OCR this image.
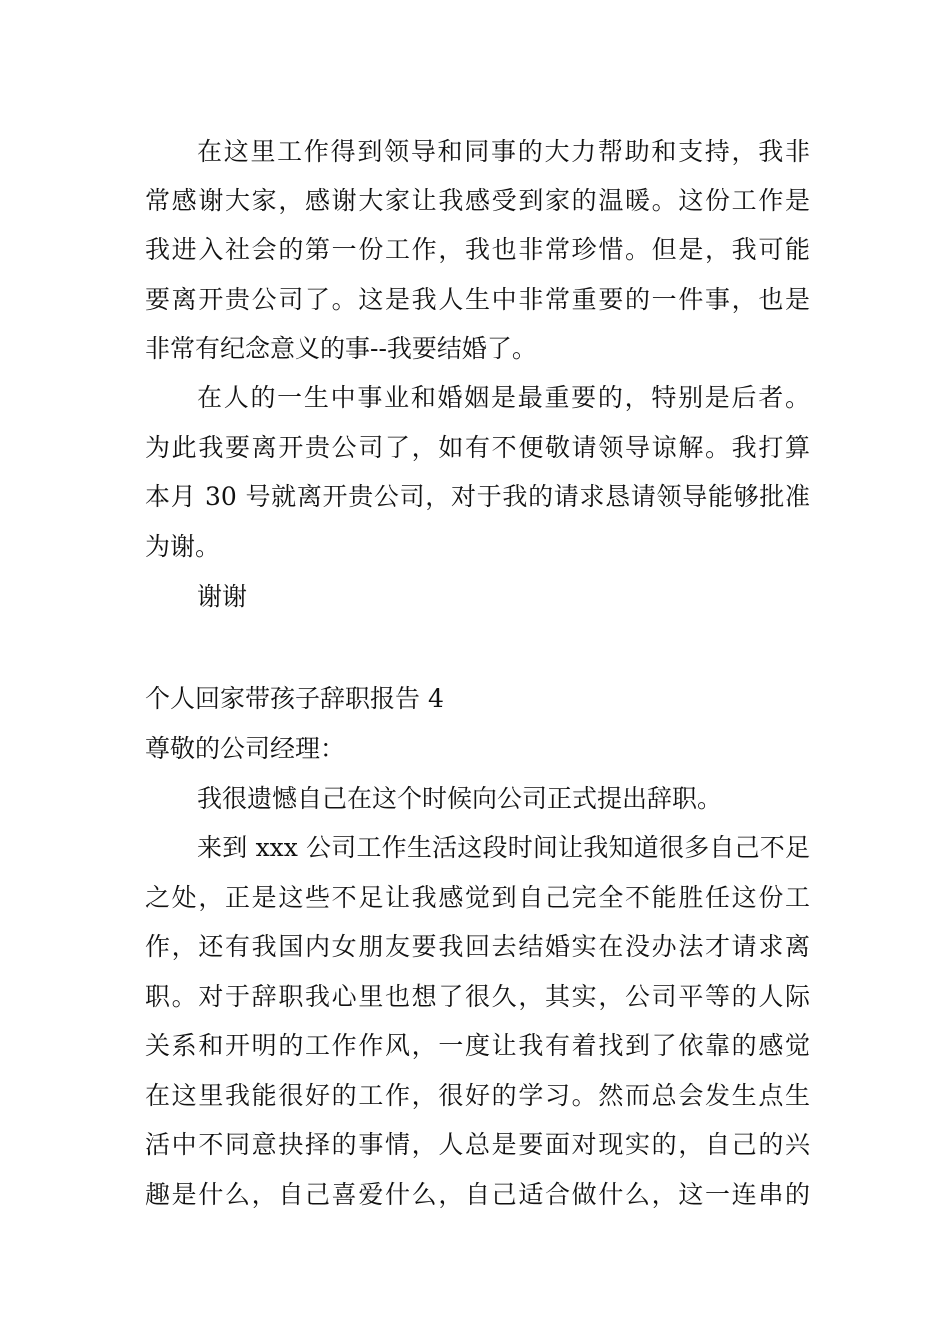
在这里工作得到领导和同事的大力帮助和支持，我非
常感谢大家，感谢大家让我感受到家的温暖。这份工作是
我进入社会的第一份工作，我也非常珍惜。但是，我可能
要离开贵公司了。这是我人生中非常重要的一件事，也是
非常有纪念意义的事--我要结婚了。
在人的一生中事业和婚姻是最重要的，特别是后者。
为此我要离开贵公司了，如有不便敬请领导谅解。我打算
本月 30 号就离开贵公司，对于我的请求恳请领导能够批准
为谢。
谢谢
个人回家带孩子辞职报告 4
尊敬的公司经理：
我很遗憾自己在这个时候向公司正式提出辞职。
来到 xxx 公司工作生活这段时间让我知道很多自己不足
之处，正是这些不足让我感觉到自己完全不能胜任这份工
作，还有我国内女朋友要我回去结婚实在没办法才请求离
职。对于辞职我心里也想了很久，其实，公司平等的人际
关系和开明的工作作风，一度让我有着找到了依靠的感觉
在这里我能很好的工作，很好的学习。然而总会发生点生
活中不同意抉择的事情，人总是要面对现实的，自己的兴
趣是什么，自己喜爱什么，自己适合做什么，这一连串的
